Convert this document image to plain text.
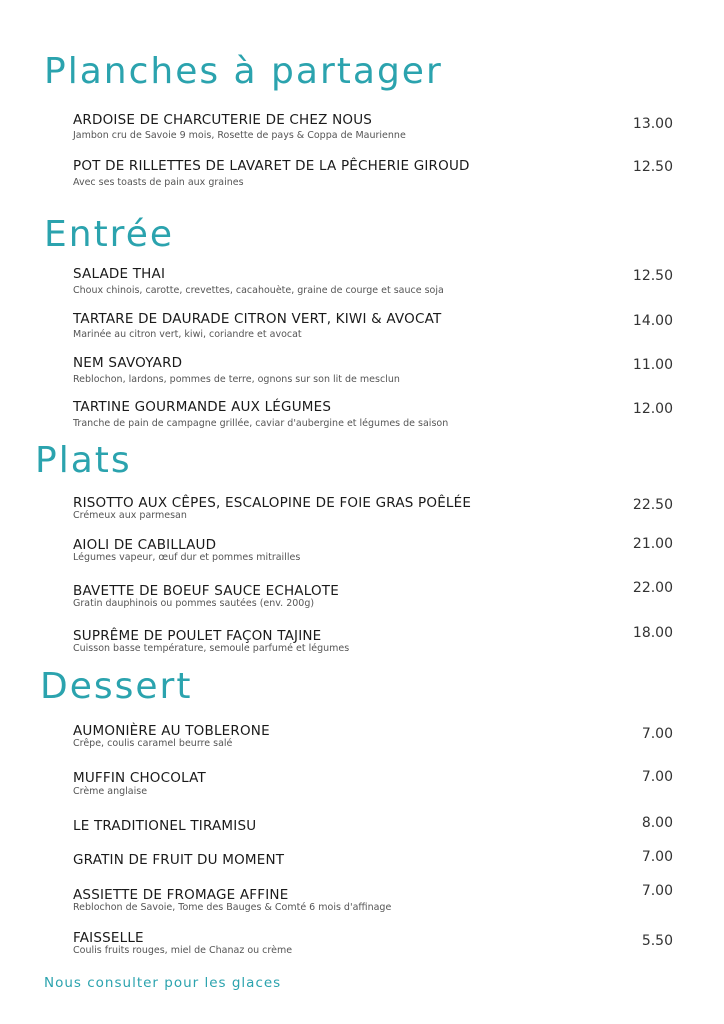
Planches à partager
ARDOISE DE CHARCUTERIE DE CHEZ NOUS
Jambon cru de Savoie 9 mois, Rosette de pays & Coppa de Maurienne
13.00
POT DE RILLETTES DE LAVARET DE LA PÊCHERIE GIROUD
Avec ses toasts de pain aux graines
12.50
Entrée
SALADE THAI
Choux chinois, carotte, crevettes, cacahouète, graine de courge et sauce soja
12.50
TARTARE DE DAURADE CITRON VERT, KIWI & AVOCAT
Marinée au citron vert, kiwi, coriandre et avocat
14.00
NEM SAVOYARD
Reblochon, lardons, pommes de terre, ognons sur son lit de mesclun
11.00
TARTINE GOURMANDE AUX LÉGUMES
Tranche de pain de campagne grillée, caviar d'aubergine et légumes de saison
12.00
Plats
RISOTTO AUX CÊPES, ESCALOPINE DE FOIE GRAS POÊLÉE
Crémeux aux parmesan
22.50
AIOLI DE CABILLAUD
Légumes vapeur, œuf dur et pommes mitrailles
21.00
BAVETTE DE BOEUF SAUCE ECHALOTE
Gratin dauphinois ou pommes sautées (env. 200g)
22.00
SUPRÊME DE POULET FAÇON TAJINE
Cuisson basse température, semoule parfumé et légumes
18.00
Dessert
AUMONIÈRE AU TOBLERONE
Crêpe, coulis caramel beurre salé
7.00
MUFFIN CHOCOLAT
Crème anglaise
7.00
LE TRADITIONEL TIRAMISU	8.00
GRATIN DE FRUIT DU MOMENT	7.00
ASSIETTE DE FROMAGE AFFINE
Reblochon de Savoie, Tome des Bauges & Comté 6 mois d'affinage
7.00
FAISSELLE
Coulis fruits rouges, miel de Chanaz ou crème
5.50
Nous consulter pour les glaces
